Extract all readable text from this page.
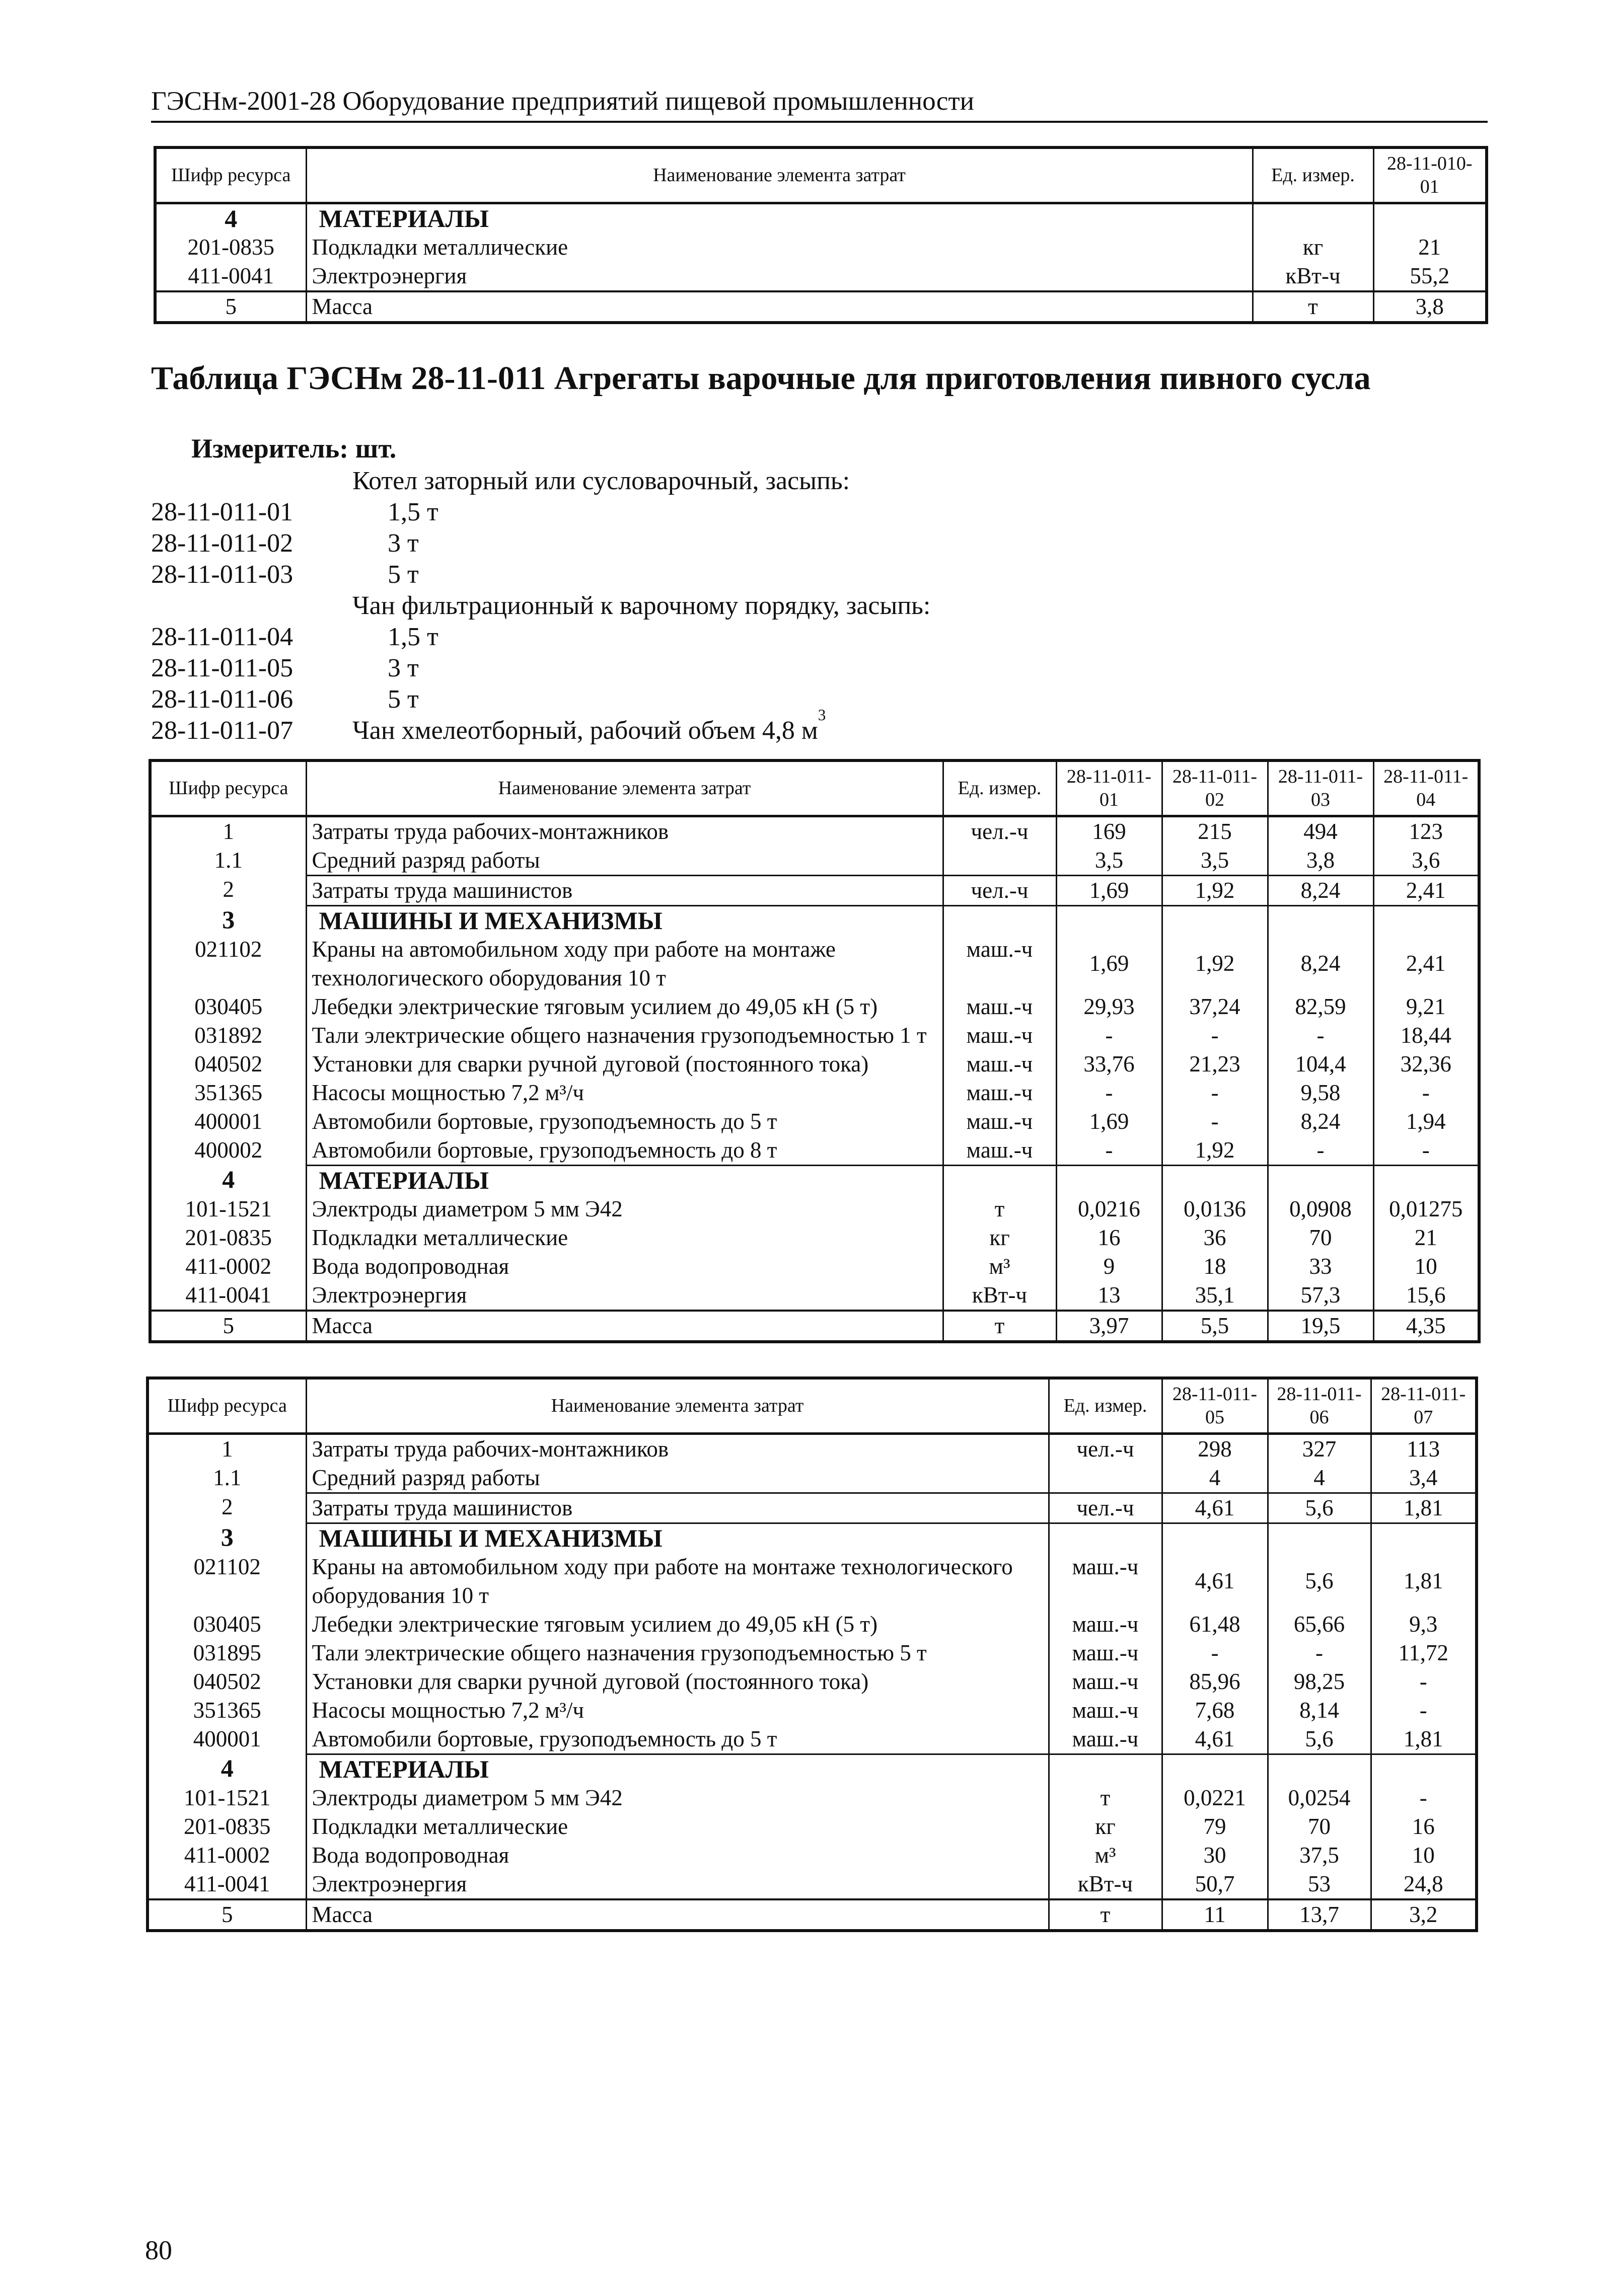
ГЭСНм-2001-28 Оборудование предприятий пищевой промышленности
Шифр ресурса	Наименование элемента затрат	Ед. измер.	28-11-010-01
4	МАТЕРИАЛЫ		
201-0835	Подкладки металлические	кг	21
411-0041	Электроэнергия	кВт-ч	55,2
5	Масса	т	3,8
Таблица ГЭСНм 28-11-011 Агрегаты варочные для приготовления пивного сусла
Измеритель: шт.
Котел заторный или сусловарочный, засыпь:
28-11-011-01	1,5 т
28-11-011-02	3 т
28-11-011-03	5 т
Чан фильтрационный к варочному порядку, засыпь:
28-11-011-04	1,5 т
28-11-011-05	3 т
28-11-011-06	5 т
28-11-011-07	Чан хмелеотборный, рабочий объем 4,8 м
3
Шифр ресурса	Наименование элемента затрат	Ед. измер.	28-11-011-01	28-11-011-02	28-11-011-03	28-11-011-04
1	Затраты труда рабочих-монтажников	чел.-ч	169	215	494	123
1.1	Средний разряд работы		3,5	3,5	3,8	3,6
2	Затраты труда машинистов	чел.-ч	1,69	1,92	8,24	2,41
3	МАШИНЫ И МЕХАНИЗМЫ					
021102	Краны на автомобильном ходу при работе на монтаже технологического оборудования 10 т	маш.-ч	1,69	1,92	8,24	2,41
030405	Лебедки электрические тяговым усилием до 49,05 кН (5 т)	маш.-ч	29,93	37,24	82,59	9,21
031892	Тали электрические общего назначения грузоподъемностью 1 т	маш.-ч	-	-	-	18,44
040502	Установки для сварки ручной дуговой (постоянного тока)	маш.-ч	33,76	21,23	104,4	32,36
351365	Насосы мощностью 7,2 м³/ч	маш.-ч	-	-	9,58	-
400001	Автомобили бортовые, грузоподъемность до 5 т	маш.-ч	1,69	-	8,24	1,94
400002	Автомобили бортовые, грузоподъемность до 8 т	маш.-ч	-	1,92	-	-
4	МАТЕРИАЛЫ					
101-1521	Электроды диаметром 5 мм Э42	т	0,0216	0,0136	0,0908	0,01275
201-0835	Подкладки металлические	кг	16	36	70	21
411-0002	Вода водопроводная	м³	9	18	33	10
411-0041	Электроэнергия	кВт-ч	13	35,1	57,3	15,6
5	Масса	т	3,97	5,5	19,5	4,35
Шифр ресурса	Наименование элемента затрат	Ед. измер.	28-11-011-05	28-11-011-06	28-11-011-07
1	Затраты труда рабочих-монтажников	чел.-ч	298	327	113
1.1	Средний разряд работы		4	4	3,4
2	Затраты труда машинистов	чел.-ч	4,61	5,6	1,81
3	МАШИНЫ И МЕХАНИЗМЫ				
021102	Краны на автомобильном ходу при работе на монтаже технологического оборудования 10 т	маш.-ч	4,61	5,6	1,81
030405	Лебедки электрические тяговым усилием до 49,05 кН (5 т)	маш.-ч	61,48	65,66	9,3
031895	Тали электрические общего назначения грузоподъемностью 5 т	маш.-ч	-	-	11,72
040502	Установки для сварки ручной дуговой (постоянного тока)	маш.-ч	85,96	98,25	-
351365	Насосы мощностью 7,2 м³/ч	маш.-ч	7,68	8,14	-
400001	Автомобили бортовые, грузоподъемность до 5 т	маш.-ч	4,61	5,6	1,81
4	МАТЕРИАЛЫ				
101-1521	Электроды диаметром 5 мм Э42	т	0,0221	0,0254	-
201-0835	Подкладки металлические	кг	79	70	16
411-0002	Вода водопроводная	м³	30	37,5	10
411-0041	Электроэнергия	кВт-ч	50,7	53	24,8
5	Масса	т	11	13,7	3,2
80
